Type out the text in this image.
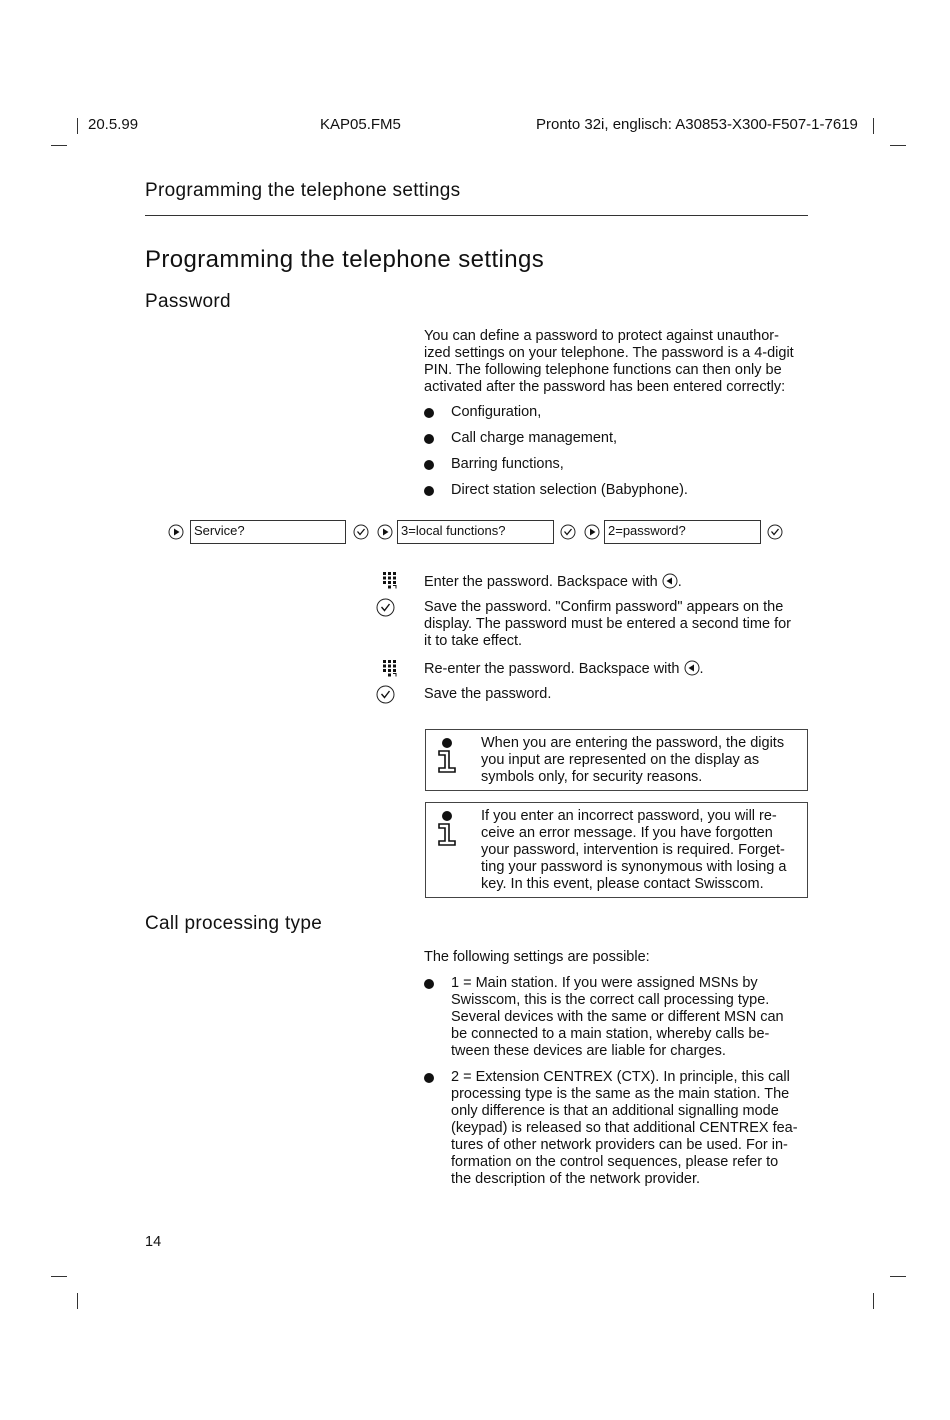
20.5.99	KAP05.FM5	Pronto 32i, englisch: A30853-X300-F507-1-7619
Programming the telephone settings
Programming the telephone settings
Password
You can define a password to protect against unauthor-
ized settings on your telephone. The password is a 4-digit
PIN. The following telephone functions can then only be
activated after the password has been entered correctly:
Configuration,
Call charge management,
Barring functions,
Direct station selection (Babyphone).
Service?	3=local functions?	2=password?
Enter the password. Backspace with .
Save the password. "Confirm password" appears on the
display. The password must be entered a second time for
it to take effect.
Re-enter the password. Backspace with .
Save the password.
When you are entering the password, the digits
you input are represented on the display as
symbols only, for security reasons.
If you enter an incorrect password, you will re-
ceive an error message. If you have forgotten
your password, intervention is required. Forget-
ting your password is synonymous with losing a
key. In this event, please contact Swisscom.
Call processing type
The following settings are possible:
1 = Main station. If you were assigned MSNs by
Swisscom, this is the correct call processing type.
Several devices with the same or different MSN can
be connected to a main station, whereby calls be-
tween these devices are liable for charges.
2 = Extension CENTREX (CTX). In principle, this call
processing type is the same as the main station. The
only difference is that an additional signalling mode
(keypad) is released so that additional CENTREX fea-
tures of other network providers can be used. For in-
formation on the control sequences, please refer to
the description of the network provider.
14
